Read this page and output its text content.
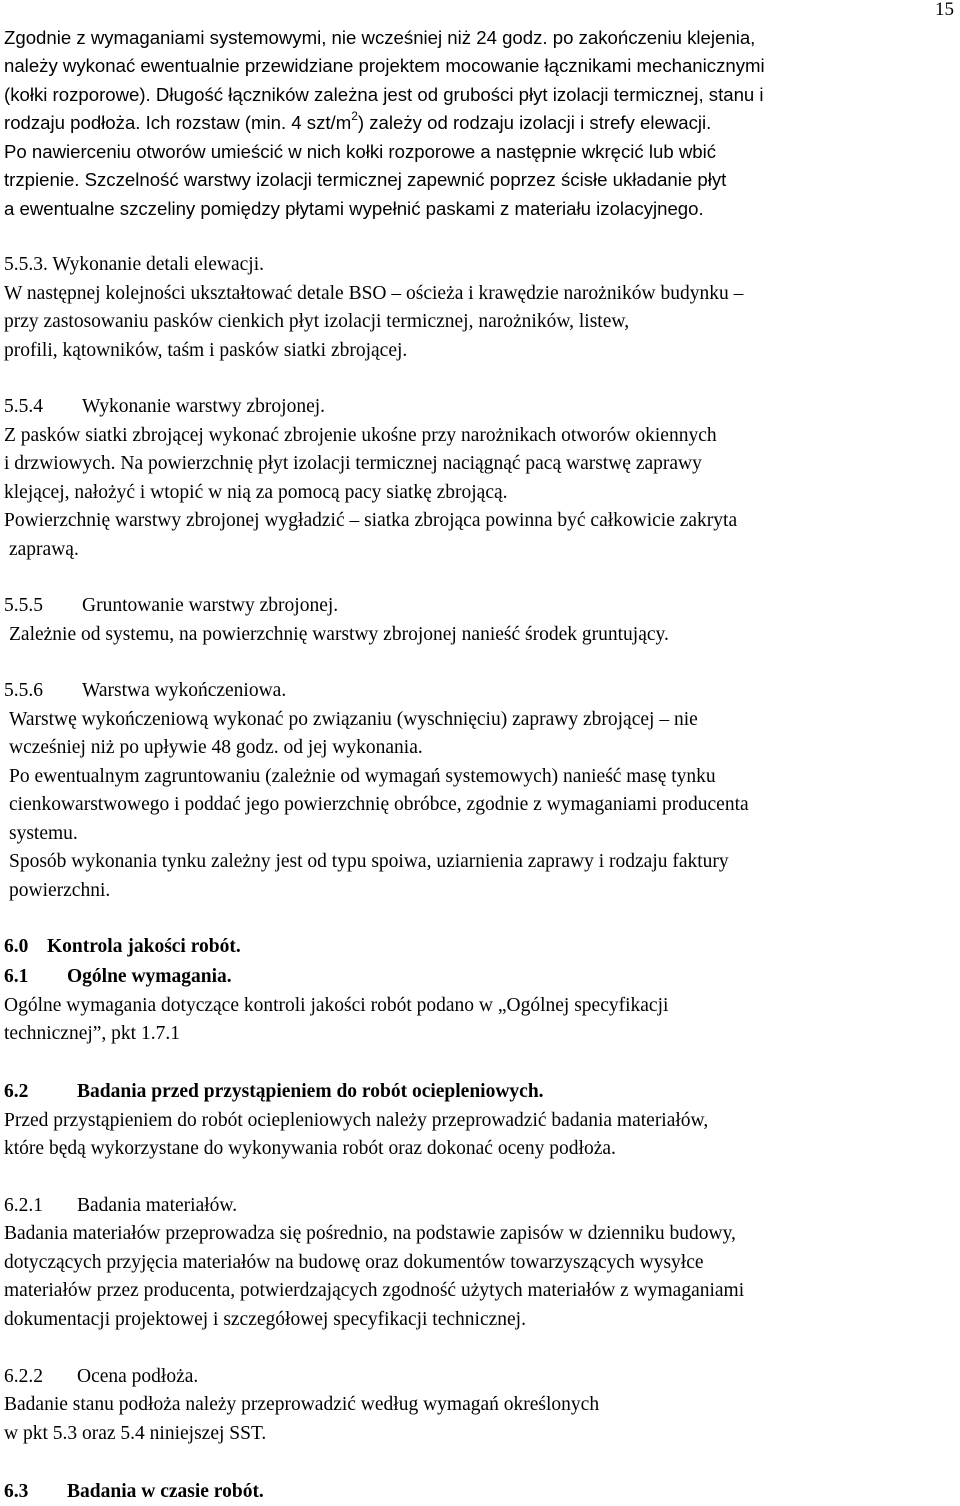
15
Zgodnie z wymaganiami systemowymi, nie wcześniej niż 24 godz. po zakończeniu klejenia,
należy wykonać ewentualnie przewidziane projektem mocowanie łącznikami mechanicznymi
(kołki rozporowe). Długość łączników zależna jest od grubości płyt izolacji termicznej, stanu i
rodzaju podłoża. Ich rozstaw (min. 4 szt/$m^2$) zależy od rodzaju izolacji i strefy elewacji.
Po nawierceniu otworów umieścić w nich kołki rozporowe a następnie wkręcić lub wbić
trzpienie. Szczelność warstwy izolacji termicznej zapewnić poprzez ścisłe układanie płyt
a ewentualne szczeliny pomiędzy płytami wypełnić paskami z materiału izolacyjnego.
5.5.3. Wykonanie detali elewacji.
W następnej kolejności ukształtować detale BSO – ościeża i krawędzie narożników budynku –
przy zastosowaniu pasków cienkich płyt izolacji termicznej, narożników, listew,
profili, kątowników, taśm i pasków siatki zbrojącej.
5.5.4 Wykonanie warstwy zbrojonej.
Z pasków siatki zbrojącej wykonać zbrojenie ukośne przy narożnikach otworów okiennych
i drzwiowych. Na powierzchnię płyt izolacji termicznej naciągnąć pacą warstwę zaprawy
klejącej, nałożyć i wtopić w nią za pomocą pacy siatkę zbrojącą.
Powierzchnię warstwy zbrojonej wygładzić – siatka zbrojąca powinna być całkowicie zakryta
zaprawą.
5.5.5 Gruntowanie warstwy zbrojonej.
Zależnie od systemu, na powierzchnię warstwy zbrojonej nanieść środek gruntujący.
5.5.6 Warstwa wykończeniowa.
Warstwę wykończeniową wykonać po związaniu (wyschnięciu) zaprawy zbrojącej – nie
wcześniej niż po upływie 48 godz. od jej wykonania.
Po ewentualnym zagruntowaniu (zależnie od wymagań systemowych) nanieść masę tynku
cienkowarstwowego i poddać jego powierzchnię obróbce, zgodnie z wymaganiami producenta
systemu.
Sposób wykonania tynku zależny jest od typu spoiwa, uziarnienia zaprawy i rodzaju faktury
powierzchni.
6.0 Kontrola jakości robót.
6.1 Ogólne wymagania.
Ogólne wymagania dotyczące kontroli jakości robót podano w „Ogólnej specyfikacji
technicznej”, pkt 1.7.1
6.2 Badania przed przystąpieniem do robót ociepleniowych.
Przed przystąpieniem do robót ociepleniowych należy przeprowadzić badania materiałów,
które będą wykorzystane do wykonywania robót oraz dokonać oceny podłoża.
6.2.1 Badania materiałów.
Badania materiałów przeprowadza się pośrednio, na podstawie zapisów w dzienniku budowy,
dotyczących przyjęcia materiałów na budowę oraz dokumentów towarzyszących wysyłce
materiałów przez producenta, potwierdzających zgodność użytych materiałów z wymaganiami
dokumentacji projektowej i szczegółowej specyfikacji technicznej.
6.2.2 Ocena podłoża.
Badanie stanu podłoża należy przeprowadzić według wymagań określonych
w pkt 5.3 oraz 5.4 niniejszej SST.
6.3 Badania w czasie robót.
